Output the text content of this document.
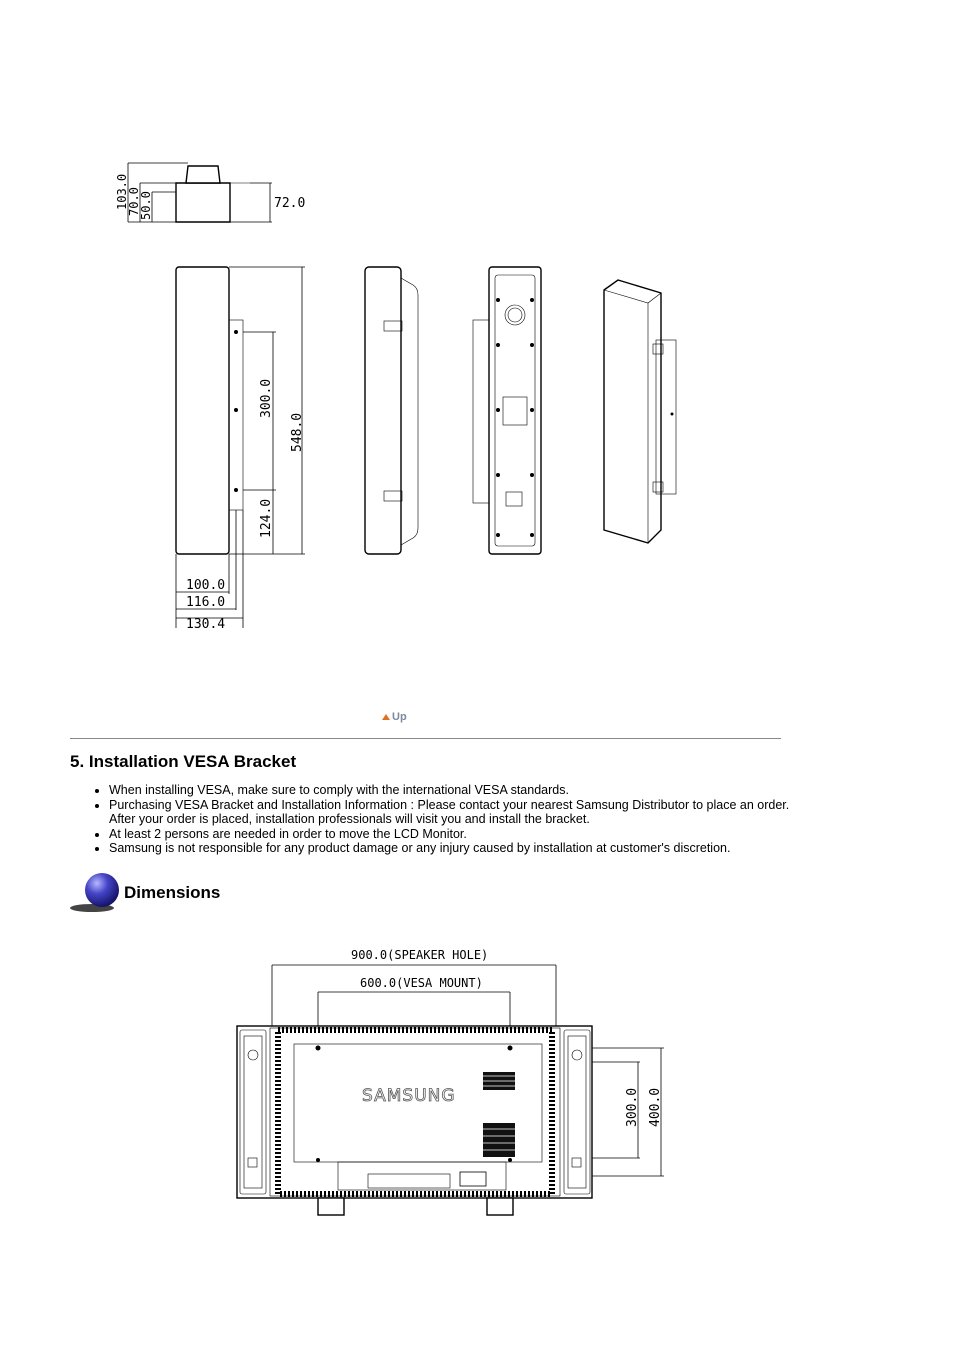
103.0
70.0
50.0	72.0
300.0
548.0
124.0
100.0
116.0
130.4
Up
5. Installation VESA Bracket
• When installing VESA, make sure to comply with the international VESA standards.
• Purchasing VESA Bracket and Installation Information : Please contact your nearest Samsung Distributor to place an order. After your order is placed, installation professionals will visit you and install the bracket.
• At least 2 persons are needed in order to move the LCD Monitor.
• Samsung is not responsible for any product damage or any injury caused by installation at customer's discretion.
Dimensions
900.0(SPEAKER HOLE)
600.0(VESA MOUNT)
SAMSUNG	300.0 400.0
